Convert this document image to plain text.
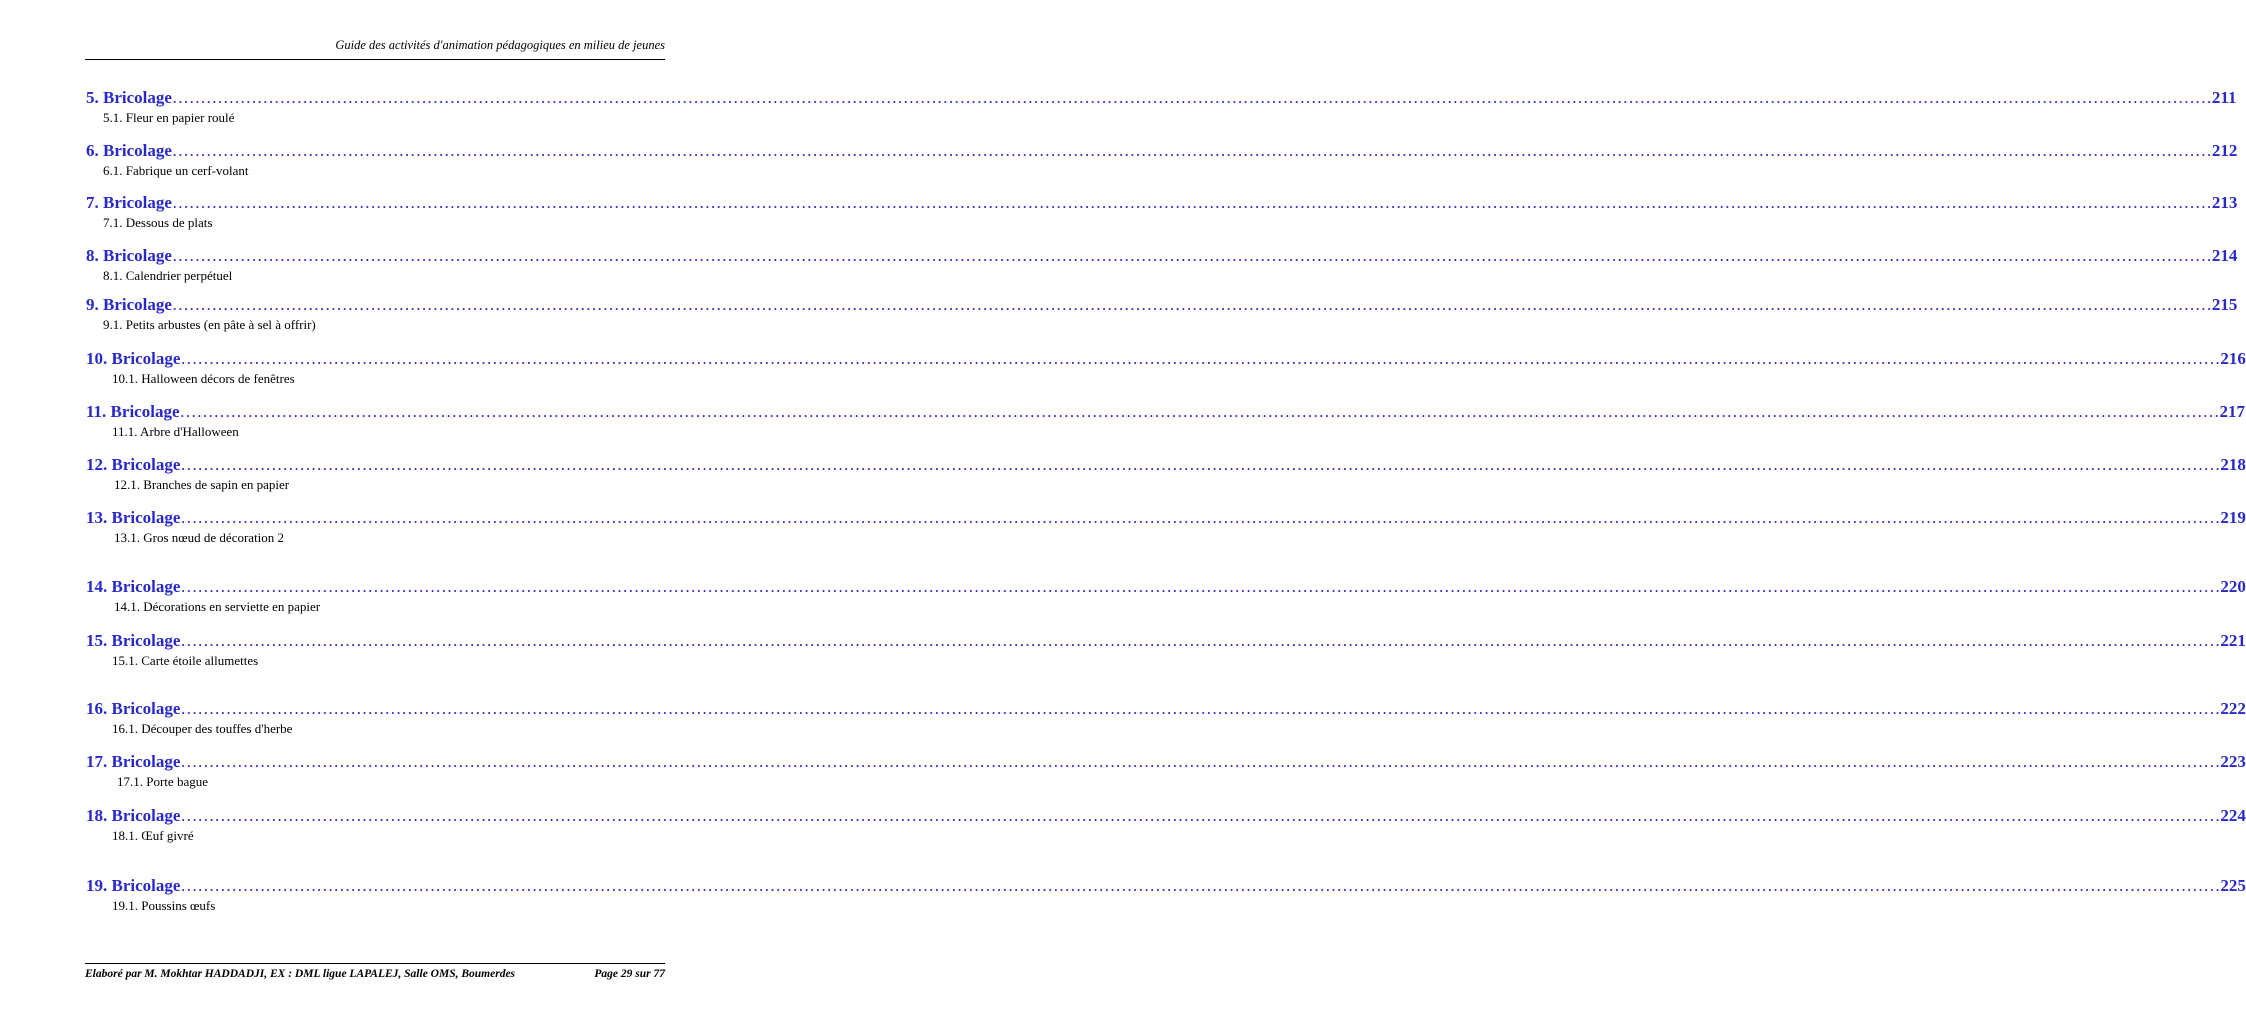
Guide des activités d'animation pédagogiques en milieu de jeunes
5. Bricolage ……………………………………………………………………………………………………………………………………………………………………………………………………………………………………………………………………………………………………………………………… 211
5.1. Fleur en papier roulé
6. Bricolage ……………………………………………………………………………………………………………………………………………………………………………………………………………………………………………………………………………………………………………………………… 212
6.1. Fabrique un cerf-volant
7. Bricolage ……………………………………………………………………………………………………………………………………………………………………………………………………………………………………………………………………………………………………………………………… 213
7.1. Dessous de plats
8. Bricolage ……………………………………………………………………………………………………………………………………………………………………………………………………………………………………………………………………………………………………………………………… 214
8.1. Calendrier perpétuel
9. Bricolage ……………………………………………………………………………………………………………………………………………………………………………………………………………………………………………………………………………………………………………………………… 215
9.1. Petits arbustes (en pâte à sel à offrir)
10. Bricolage ……………………………………………………………………………………………………………………………………………………………………………………………………………………………………………………………………………………………………………………………… 216
10.1. Halloween décors de fenêtres
11. Bricolage ……………………………………………………………………………………………………………………………………………………………………………………………………………………………………………………………………………………………………………………………… 217
11.1. Arbre d'Halloween
12. Bricolage ……………………………………………………………………………………………………………………………………………………………………………………………………………………………………………………………………………………………………………………………… 218
12.1. Branches de sapin en papier
13. Bricolage ……………………………………………………………………………………………………………………………………………………………………………………………………………………………………………………………………………………………………………………………… 219
13.1. Gros nœud de décoration 2
14. Bricolage ……………………………………………………………………………………………………………………………………………………………………………………………………………………………………………………………………………………………………………………………… 220
14.1. Décorations en serviette en papier
15. Bricolage ……………………………………………………………………………………………………………………………………………………………………………………………………………………………………………………………………………………………………………………………… 221
15.1. Carte étoile allumettes
16. Bricolage ……………………………………………………………………………………………………………………………………………………………………………………………………………………………………………………………………………………………………………………………… 222
16.1. Découper des touffes d'herbe
17. Bricolage ……………………………………………………………………………………………………………………………………………………………………………………………………………………………………………………………………………………………………………………………… 223
17.1. Porte bague
18. Bricolage ……………………………………………………………………………………………………………………………………………………………………………………………………………………………………………………………………………………………………………………………… 224
18.1. Œuf givré
19. Bricolage ……………………………………………………………………………………………………………………………………………………………………………………………………………………………………………………………………………………………………………………………… 225
19.1. Poussins œufs
Elaboré par M. Mokhtar HADDADJI, EX : DML ligue LAPALEJ, Salle OMS, Boumerdes	Page 29 sur 77
